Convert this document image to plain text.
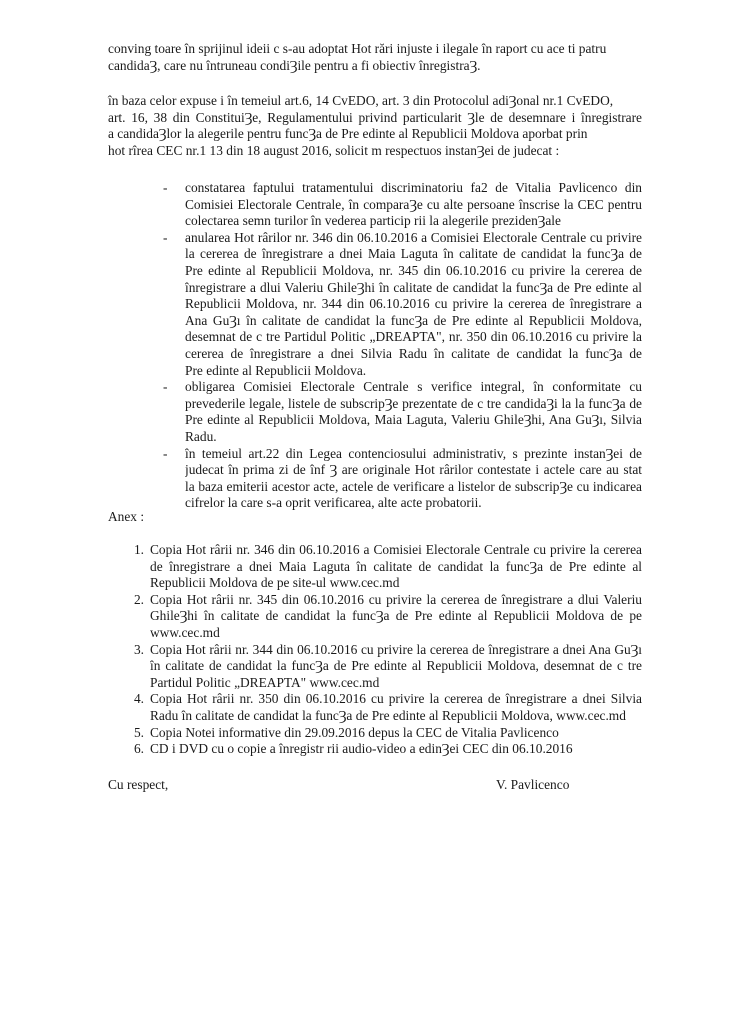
conving toare în sprijinul ideii c s-au adoptat Hot rări injuste i ilegale în raport cu ace ti patru
candidaȜ, care nu întruneau condiȜile pentru a fi obiectiv înregistraȜ.
în baza celor expuse i în temeiul art.6, 14 CvEDO, art. 3 din Protocolul adiȜonal nr.1 CvEDO,
art. 16, 38 din ConstituiȜe, Regulamentului privind particularit Ȝle de desemnare i înregistrare
a candidaȜlor la alegerile pentru funcȜa de Pre edinte al Republicii Moldova aporbat prin
hot rîrea CEC nr.1 13 din 18 august 2016, solicit m respectuos instanȜei de judecat :
- constatarea faptului tratamentului discriminatoriu fa2 de Vitalia Pavlicenco din
Comisiei Electorale Centrale, în comparaȜe cu alte persoane înscrise la CEC pentru
colectarea semn turilor în vederea particip rii la alegerile prezidenȜale
- anularea Hot rârilor nr. 346 din 06.10.2016 a Comisiei Electorale Centrale cu privire
la cererea de înregistrare a dnei Maia Laguta în calitate de candidat la funcȜa de
Pre edinte al Republicii Moldova, nr. 345 din 06.10.2016 cu privire la cererea de
înregistrare a dlui Valeriu GhileȜhi în calitate de candidat la funcȜa de Pre edinte al
Republicii Moldova, nr. 344 din 06.10.2016 cu privire la cererea de înregistrare a
Ana GuȜı în calitate de candidat la funcȜa de Pre edinte al Republicii Moldova,
desemnat de c tre Partidul Politic „DREAPTA", nr. 350 din 06.10.2016 cu privire la
cererea de înregistrare a dnei Silvia Radu în calitate de candidat la funcȜa de
Pre edinte al Republicii Moldova.
- obligarea Comisiei Electorale Centrale s verifice integral, în conformitate cu
prevederile legale, listele de subscripȜe prezentate de c tre candidaȜi la la funcȜa de
Pre edinte al Republicii Moldova, Maia Laguta, Valeriu GhileȜhi, Ana GuȜı, Silvia
Radu.
- în temeiul art.22 din Legea contenciosului administrativ, s prezinte instanȜei de
judecat în prima zi de înf Ȝ are originale Hot rârilor contestate i actele care au stat
la baza emiterii acestor acte, actele de verificare a listelor de subscripȜe cu indicarea
cifrelor la care s-a oprit verificarea, alte acte probatorii.
Anex :
1. Copia Hot rârii nr. 346 din 06.10.2016 a Comisiei Electorale Centrale cu privire la cererea
de înregistrare a dnei Maia Laguta în calitate de candidat la funcȜa de Pre edinte al
Republicii Moldova de pe site-ul www.cec.md
2. Copia Hot rârii nr. 345 din 06.10.2016 cu privire la cererea de înregistrare a dlui Valeriu
GhileȜhi în calitate de candidat la funcȜa de Pre edinte al Republicii Moldova de pe
www.cec.md
3. Copia Hot rârii nr. 344 din 06.10.2016 cu privire la cererea de înregistrare a dnei Ana GuȜı
în calitate de candidat la funcȜa de Pre edinte al Republicii Moldova, desemnat de c tre
Partidul Politic „DREAPTA" www.cec.md
4. Copia Hot rârii nr. 350 din 06.10.2016 cu privire la cererea de înregistrare a dnei Silvia
Radu în calitate de candidat la funcȜa de Pre edinte al Republicii Moldova, www.cec.md
5. Copia Notei informative din 29.09.2016 depus la CEC de Vitalia Pavlicenco
6. CD i DVD cu o copie a înregistr rii audio-video a edinȜei CEC din 06.10.2016
Cu respect,	V. Pavlicenco
